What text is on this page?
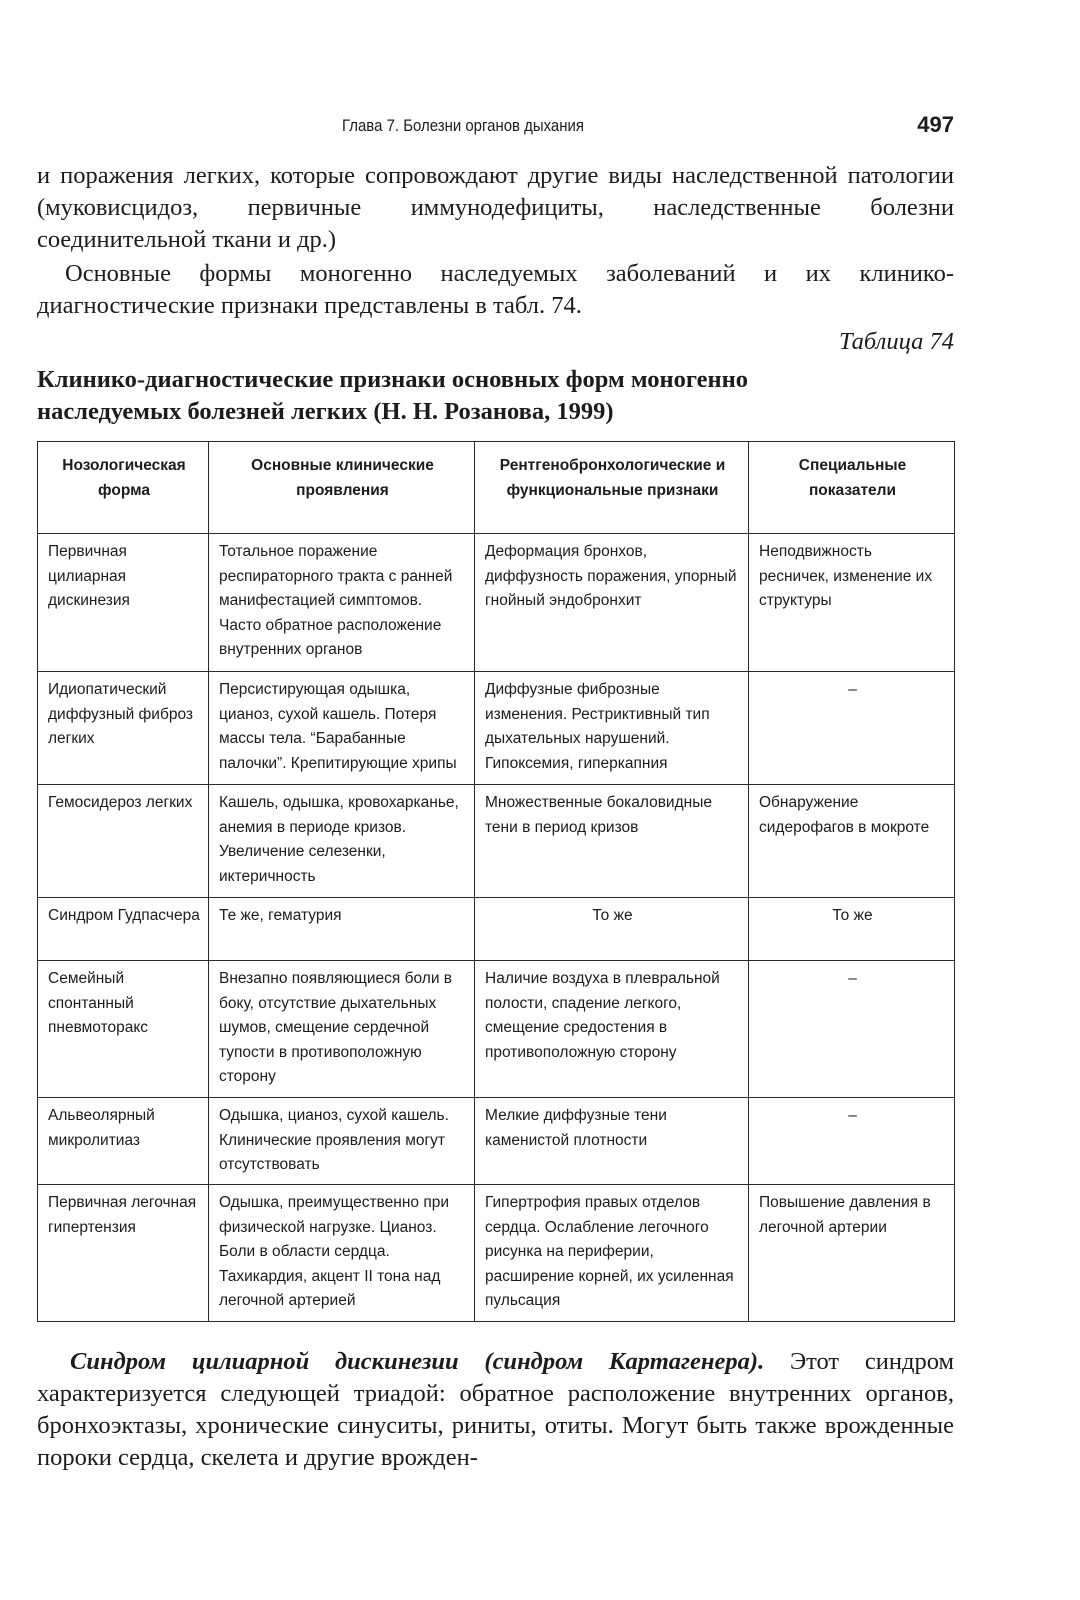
Глава 7. Болезни органов дыхания	497
и поражения легких, которые сопровождают другие виды наследственной патологии (муковисцидоз, первичные иммунодефициты, наследственные болезни соединительной ткани и др.)
Основные формы моногенно наследуемых заболеваний и их клинико-диагностические признаки представлены в табл. 74.
Таблица 74
Клинико-диагностические признаки основных форм моногенно
наследуемых болезней легких (Н. Н. Розанова, 1999)
Нозологическая форма	Основные клинические проявления	Рентгенобронхологические и функциональные признаки	Специальные показатели
Первичная цилиарная дискинезия	Тотальное поражение респираторного тракта с ранней манифестацией симптомов. Часто обратное расположение внутренних органов	Деформация бронхов, диффузность поражения, упорный гнойный эндобронхит	Неподвижность ресничек, изменение их структуры
Идиопатический диффузный фиброз легких	Персистирующая одышка, цианоз, сухой кашель. Потеря массы тела. “Барабанные палочки”. Крепитирующие хрипы	Диффузные фиброзные изменения. Рестриктивный тип дыхательных нарушений. Гипоксемия, гиперкапния	–
Гемосидероз легких	Кашель, одышка, кровохарканье, анемия в периоде кризов. Увеличение селезенки, иктеричность	Множественные бокаловидные тени в период кризов	Обнаружение сидерофагов в мокроте
Синдром Гудпасчера	Те же, гематурия	То же	То же
Семейный спонтанный пневмоторакс	Внезапно появляющиеся боли в боку, отсутствие дыхательных шумов, смещение сердечной тупости в противоположную сторону	Наличие воздуха в плевральной полости, спадение легкого, смещение средостения в противоположную сторону	–
Альвеолярный микролитиаз	Одышка, цианоз, сухой кашель. Клинические проявления могут отсутствовать	Мелкие диффузные тени каменистой плотности	–
Первичная легочная гипертензия	Одышка, преимущественно при физической нагрузке. Цианоз. Боли в области сердца. Тахикардия, акцент II тона над легочной артерией	Гипертрофия правых отделов сердца. Ослабление легочного рисунка на периферии, расширение корней, их усиленная пульсация	Повышение давления в легочной артерии
Синдром цилиарной дискинезии (синдром Картагенера). Этот синдром характеризуется следующей триадой: обратное расположение внутренних органов, бронхоэктазы, хронические синуситы, риниты, отиты. Могут быть также врожденные пороки сердца, скелета и другие врожден-
